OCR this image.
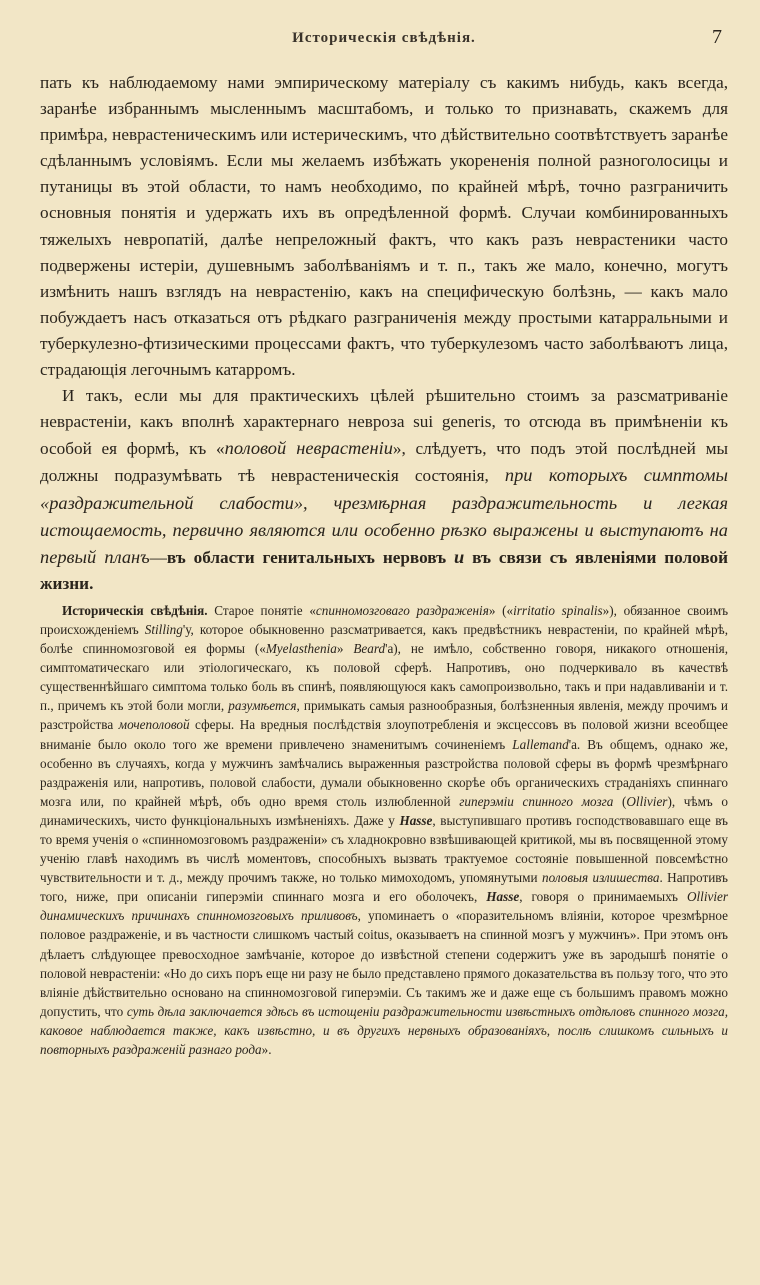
Историческія свѣдѣнія.	7

пать къ наблюдаемому нами эмпирическому матеріалу съ какимъ нибудь, какъ всегда, заранѣе избраннымъ мысленнымъ масштабомъ, и только то признавать, скажемъ для примѣра, неврастеническимъ или истерическимъ, что дѣйствительно соотвѣтствуетъ заранѣе сдѣланнымъ условіямъ. Если мы желаемъ избѣжать укорененія полной разноголосицы и путаницы въ этой области, то намъ необходимо, по крайней мѣрѣ, точно разграничить основныя понятія и удержать ихъ въ опредѣленной формѣ. Случаи комбинированныхъ тяжелыхъ невропатій, далѣе непреложный фактъ, что какъ разъ неврастеники часто подвержены истеріи, душевнымъ заболѣваніямъ и т. п., такъ же мало, конечно, могутъ измѣнить нашъ взглядъ на неврастенію, какъ на специфическую болѣзнь, — какъ мало побуждаетъ насъ отказаться отъ рѣдкаго разграниченія между простыми катарральными и туберкулезно-фтизическими процессами фактъ, что туберкулезомъ часто заболѣваютъ лица, страдающія легочнымъ катарромъ.

И такъ, если мы для практическихъ цѣлей рѣшительно стоимъ за разсматриваніе неврастеніи, какъ вполнѣ характернаго невроза sui generis, то отсюда въ примѣненіи къ особой ея формѣ, къ «половой неврастеніи», слѣдуетъ, что подъ этой послѣдней мы должны подразумѣвать тѣ неврастеническія состоянія, при которыхъ симптомы «раздражительной слабости», чрезмѣрная раздражительность и легкая истощаемость, первично являются или особенно рѣзко выражены и выступаютъ на первый планъ—въ области генитальныхъ нервовъ и въ связи съ явленіями половой жизни.

Историческія свѣдѣнія. Старое понятіе «спинномозговаго раздраженія» («irritatio spinalis»), обязанное своимъ происхожденіемъ Stilling'у, которое обыкновенно разсматривается, какъ предвѣстникъ неврастеніи, по крайней мѣрѣ, болѣе спинномозговой ея формы («Myelasthenia» Beard'а), не имѣло, собственно говоря, никакого отношенія, симптоматическаго или этіологическаго, къ половой сферѣ. Напротивъ, оно подчеркивало въ качествѣ существеннѣйшаго симптома только боль въ спинѣ, появляющуюся какъ самопроизвольно, такъ и при надавливаніи и т. п., причемъ къ этой боли могли, разумѣется, примыкать самыя разнообразныя, болѣзненныя явленія, между прочимъ и разстройства мочеполовой сферы. На вредныя послѣдствія злоупотребленія и эксцессовъ въ половой жизни всеобщее вниманіе было около того же времени привлечено знаменитымъ сочиненіемъ Lallemand'а. Въ общемъ, однако же, особенно въ случаяхъ, когда у мужчинъ замѣчались выраженныя разстройства половой сферы въ формѣ чрезмѣрнаго раздраженія или, напротивъ, половой слабости, думали обыкновенно скорѣе объ органическихъ страданіяхъ спиннаго мозга или, по крайней мѣрѣ, объ одно время столь излюбленной гиперэміи спинного мозга (Ollivier), чѣмъ о динамическихъ, чисто функціональныхъ измѣненіяхъ. Даже у Hasse, выступившаго противъ господствовавшаго еще въ то время ученія о «спинномозговомъ раздраженіи» съ хладнокровно взвѣшивающей критикой, мы въ посвященной этому ученію главѣ находимъ въ числѣ моментовъ, способныхъ вызвать трактуемое состояніе повышенной повсемѣстно чувствительности и т. д., между прочимъ также, но только мимоходомъ, упомянутыми половыя излишества. Напротивъ того, ниже, при описаніи гиперэміи спиннаго мозга и его оболочекъ, Hasse, говоря о принимаемыхъ Ollivier динамическихъ причинахъ спинномозговыхъ приливовъ, упоминаетъ о «поразительномъ вліяніи, которое чрезмѣрное половое раздраженіе, и въ частности слишкомъ частый coitus, оказываетъ на спинной мозгъ у мужчинъ». При этомъ онъ дѣлаетъ слѣдующее превосходное замѣчаніе, которое до извѣстной степени содержитъ уже въ зародышѣ понятіе о половой неврастеніи: «Но до сихъ поръ еще ни разу не было представлено прямого доказательства въ пользу того, что это вліяніе дѣйствительно основано на спинномозговой гиперэміи. Съ такимъ же и даже еще съ большимъ правомъ можно допустить, что суть дѣла заключается здѣсь въ истощеніи раздражительности извѣстныхъ отдѣловъ спинного мозга, каковое наблюдается также, какъ извѣстно, и въ другихъ нервныхъ образованіяхъ, послѣ слишкомъ сильныхъ и повторныхъ раздраженій разнаго рода».
